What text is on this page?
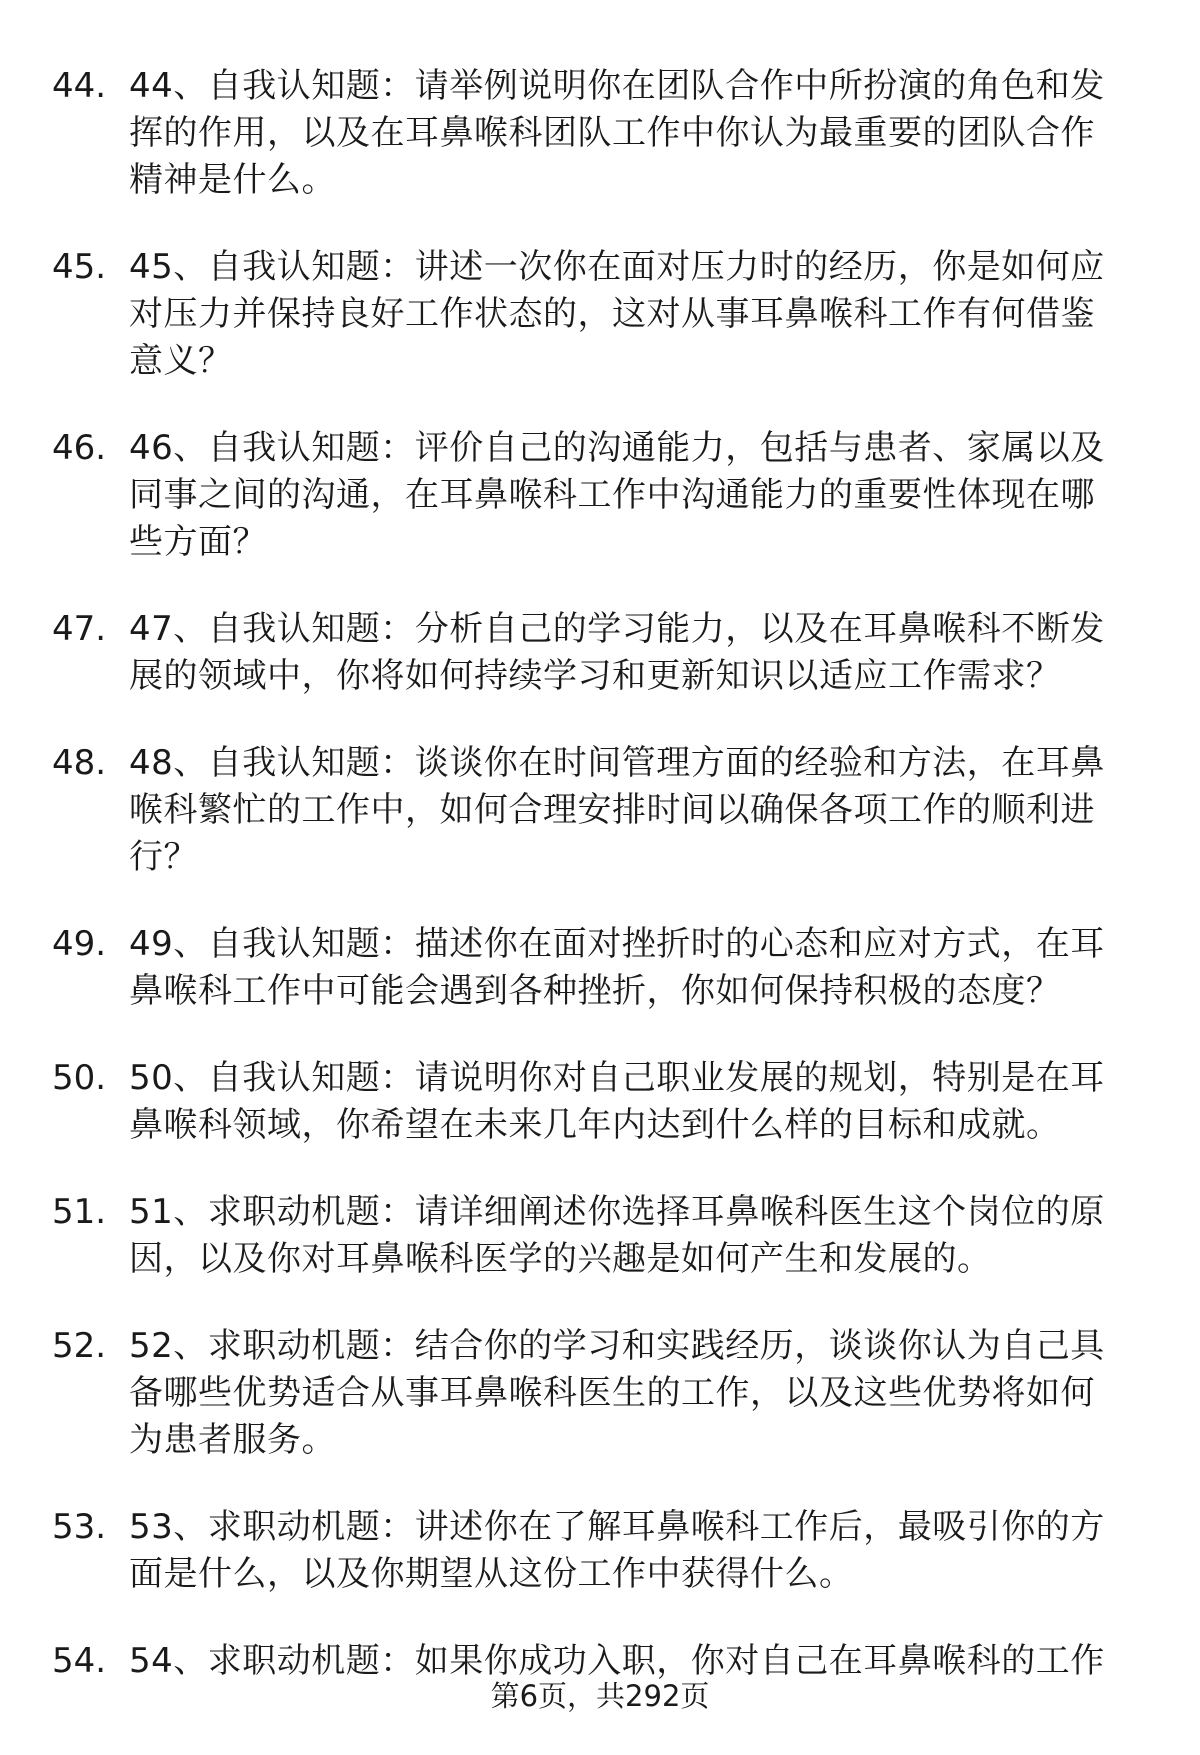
44. 44、自我认知题：请举例说明你在团队合作中所扮演的角色和发
挥的作用，以及在耳鼻喉科团队工作中你认为最重要的团队合作
精神是什么。
45. 45、自我认知题：讲述一次你在面对压力时的经历，你是如何应
对压力并保持良好工作状态的，这对从事耳鼻喉科工作有何借鉴
意义？
46. 46、自我认知题：评价自己的沟通能力，包括与患者、家属以及
同事之间的沟通，在耳鼻喉科工作中沟通能力的重要性体现在哪
些方面？
47. 47、自我认知题：分析自己的学习能力，以及在耳鼻喉科不断发
展的领域中，你将如何持续学习和更新知识以适应工作需求？
48. 48、自我认知题：谈谈你在时间管理方面的经验和方法，在耳鼻
喉科繁忙的工作中，如何合理安排时间以确保各项工作的顺利进
行？
49. 49、自我认知题：描述你在面对挫折时的心态和应对方式，在耳
鼻喉科工作中可能会遇到各种挫折，你如何保持积极的态度？
50. 50、自我认知题：请说明你对自己职业发展的规划，特别是在耳
鼻喉科领域，你希望在未来几年内达到什么样的目标和成就。
51. 51、求职动机题：请详细阐述你选择耳鼻喉科医生这个岗位的原
因，以及你对耳鼻喉科医学的兴趣是如何产生和发展的。
52. 52、求职动机题：结合你的学习和实践经历，谈谈你认为自己具
备哪些优势适合从事耳鼻喉科医生的工作，以及这些优势将如何
为患者服务。
53. 53、求职动机题：讲述你在了解耳鼻喉科工作后，最吸引你的方
面是什么，以及你期望从这份工作中获得什么。
54. 54、求职动机题：如果你成功入职，你对自己在耳鼻喉科的工作
第6页，共292页
